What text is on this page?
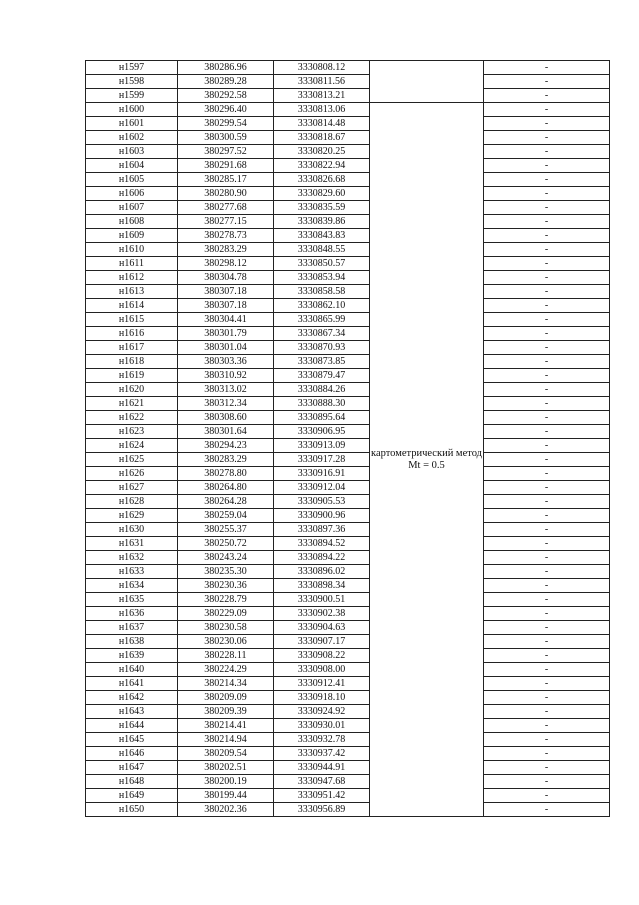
н1597	380286.96	3330808.12		-
н1598	380289.28	3330811.56		-
н1599	380292.58	3330813.21		-
н1600	380296.40	3330813.06	картометрический метод Mt = 0.5	-
н1601	380299.54	3330814.48		-
н1602	380300.59	3330818.67		-
н1603	380297.52	3330820.25		-
н1604	380291.68	3330822.94		-
н1605	380285.17	3330826.68		-
н1606	380280.90	3330829.60		-
н1607	380277.68	3330835.59		-
н1608	380277.15	3330839.86		-
н1609	380278.73	3330843.83		-
н1610	380283.29	3330848.55		-
н1611	380298.12	3330850.57		-
н1612	380304.78	3330853.94		-
н1613	380307.18	3330858.58		-
н1614	380307.18	3330862.10		-
н1615	380304.41	3330865.99		-
н1616	380301.79	3330867.34		-
н1617	380301.04	3330870.93		-
н1618	380303.36	3330873.85		-
н1619	380310.92	3330879.47		-
н1620	380313.02	3330884.26		-
н1621	380312.34	3330888.30		-
н1622	380308.60	3330895.64		-
н1623	380301.64	3330906.95		-
н1624	380294.23	3330913.09		-
н1625	380283.29	3330917.28		-
н1626	380278.80	3330916.91		-
н1627	380264.80	3330912.04		-
н1628	380264.28	3330905.53		-
н1629	380259.04	3330900.96		-
н1630	380255.37	3330897.36		-
н1631	380250.72	3330894.52		-
н1632	380243.24	3330894.22		-
н1633	380235.30	3330896.02		-
н1634	380230.36	3330898.34		-
н1635	380228.79	3330900.51		-
н1636	380229.09	3330902.38		-
н1637	380230.58	3330904.63		-
н1638	380230.06	3330907.17		-
н1639	380228.11	3330908.22		-
н1640	380224.29	3330908.00		-
н1641	380214.34	3330912.41		-
н1642	380209.09	3330918.10		-
н1643	380209.39	3330924.92		-
н1644	380214.41	3330930.01		-
н1645	380214.94	3330932.78		-
н1646	380209.54	3330937.42		-
н1647	380202.51	3330944.91		-
н1648	380200.19	3330947.68		-
н1649	380199.44	3330951.42		-
н1650	380202.36	3330956.89		-
